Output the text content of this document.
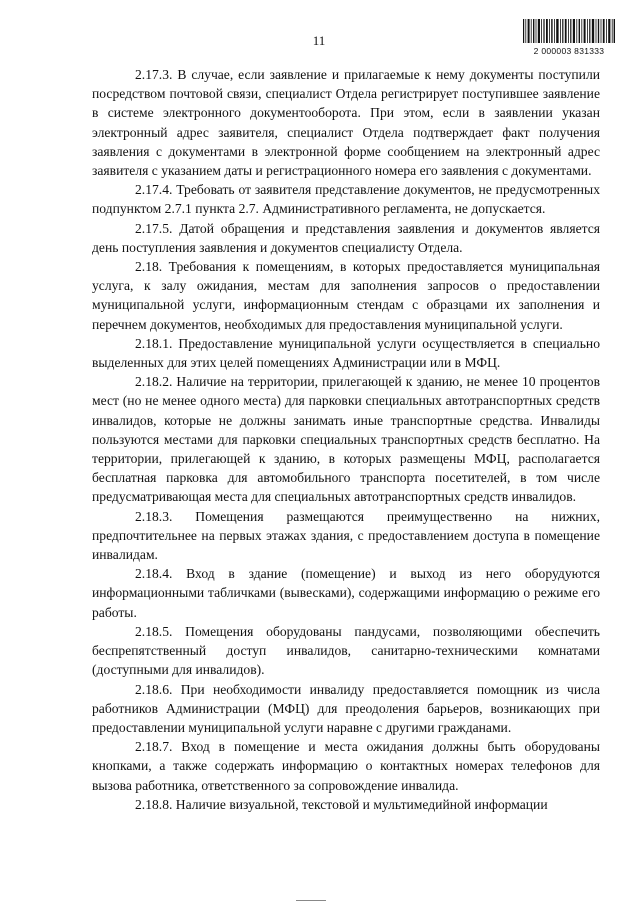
11
2 000003 831333

2.17.3. В случае, если заявление и прилагаемые к нему документы поступили посредством почтовой связи, специалист Отдела регистрирует поступившее заявление в системе электронного документооборота. При этом, если в заявлении указан электронный адрес заявителя, специалист Отдела подтверждает факт получения заявления с документами в электронной форме сообщением на электронный адрес заявителя с указанием даты и регистрационного номера его заявления с документами.

2.17.4. Требовать от заявителя представление документов, не предусмотренных подпунктом 2.7.1 пункта 2.7. Административного регламента, не допускается.

2.17.5. Датой обращения и представления заявления и документов является день поступления заявления и документов специалисту Отдела.

2.18. Требования к помещениям, в которых предоставляется муниципальная услуга, к залу ожидания, местам для заполнения запросов о предоставлении муниципальной услуги, информационным стендам с образцами их заполнения и перечнем документов, необходимых для предоставления муниципальной услуги.

2.18.1. Предоставление муниципальной услуги осуществляется в специально выделенных для этих целей помещениях Администрации или в МФЦ.

2.18.2. Наличие на территории, прилегающей к зданию, не менее 10 процентов мест (но не менее одного места) для парковки специальных автотранспортных средств инвалидов, которые не должны занимать иные транспортные средства. Инвалиды пользуются местами для парковки специальных транспортных средств бесплатно. На территории, прилегающей к зданию, в которых размещены МФЦ, располагается бесплатная парковка для автомобильного транспорта посетителей, в том числе предусматривающая места для специальных автотранспортных средств инвалидов.

2.18.3. Помещения размещаются преимущественно на нижних, предпочтительнее на первых этажах здания, с предоставлением доступа в помещение инвалидам.

2.18.4. Вход в здание (помещение) и выход из него оборудуются информационными табличками (вывесками), содержащими информацию о режиме его работы.

2.18.5. Помещения оборудованы пандусами, позволяющими обеспечить беспрепятственный доступ инвалидов, санитарно-техническими комнатами (доступными для инвалидов).

2.18.6. При необходимости инвалиду предоставляется помощник из числа работников Администрации (МФЦ) для преодоления барьеров, возникающих при предоставлении муниципальной услуги наравне с другими гражданами.

2.18.7. Вход в помещение и места ожидания должны быть оборудованы кнопками, а также содержать информацию о контактных номерах телефонов для вызова работника, ответственного за сопровождение инвалида.

2.18.8. Наличие визуальной, текстовой и мультимедийной информации
